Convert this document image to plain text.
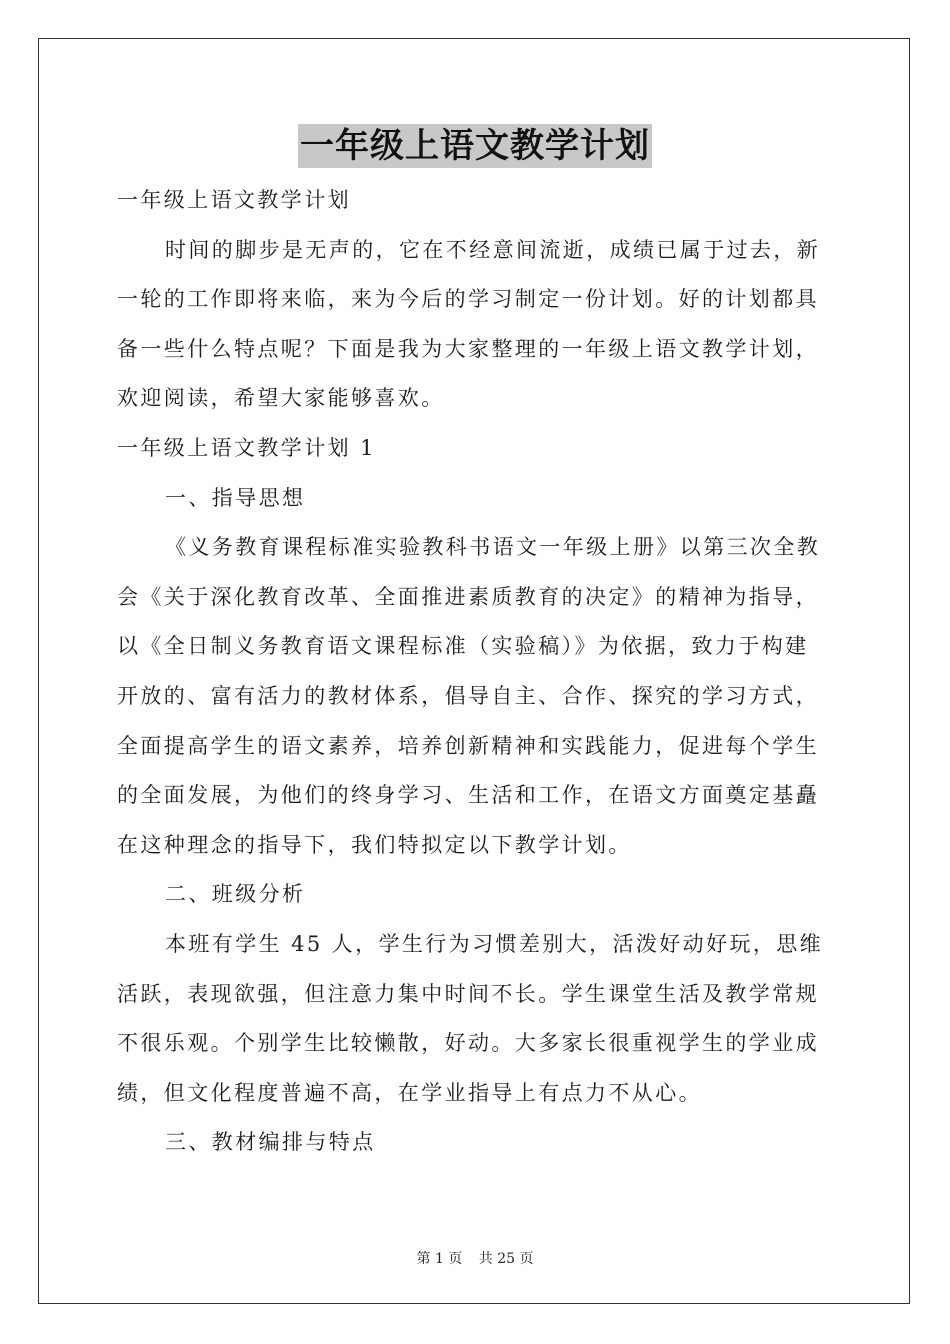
一年级上语文教学计划
一年级上语文教学计划
时间的脚步是无声的，它在不经意间流逝，成绩已属于过去，新
一轮的工作即将来临，来为今后的学习制定一份计划。好的计划都具
备一些什么特点呢？下面是我为大家整理的一年级上语文教学计划，
欢迎阅读，希望大家能够喜欢。
一年级上语文教学计划 1
一、指导思想
《义务教育课程标准实验教科书语文一年级上册》以第三次全教
会《关于深化教育改革、全面推进素质教育的决定》的精神为指导，
以《全日制义务教育语文课程标准（实验稿）》为依据，致力于构建
开放的、富有活力的教材体系，倡导自主、合作、探究的学习方式，
全面提高学生的语文素养，培养创新精神和实践能力，促进每个学生
的全面发展，为他们的终身学习、生活和工作，在语文方面奠定基矗
在这种理念的指导下，我们特拟定以下教学计划。
二、班级分析
本班有学生 45 人，学生行为习惯差别大，活泼好动好玩，思维
活跃，表现欲强，但注意力集中时间不长。学生课堂生活及教学常规
不很乐观。个别学生比较懒散，好动。大多家长很重视学生的学业成
绩，但文化程度普遍不高，在学业指导上有点力不从心。
三、教材编排与特点
第 1 页 共 25 页
